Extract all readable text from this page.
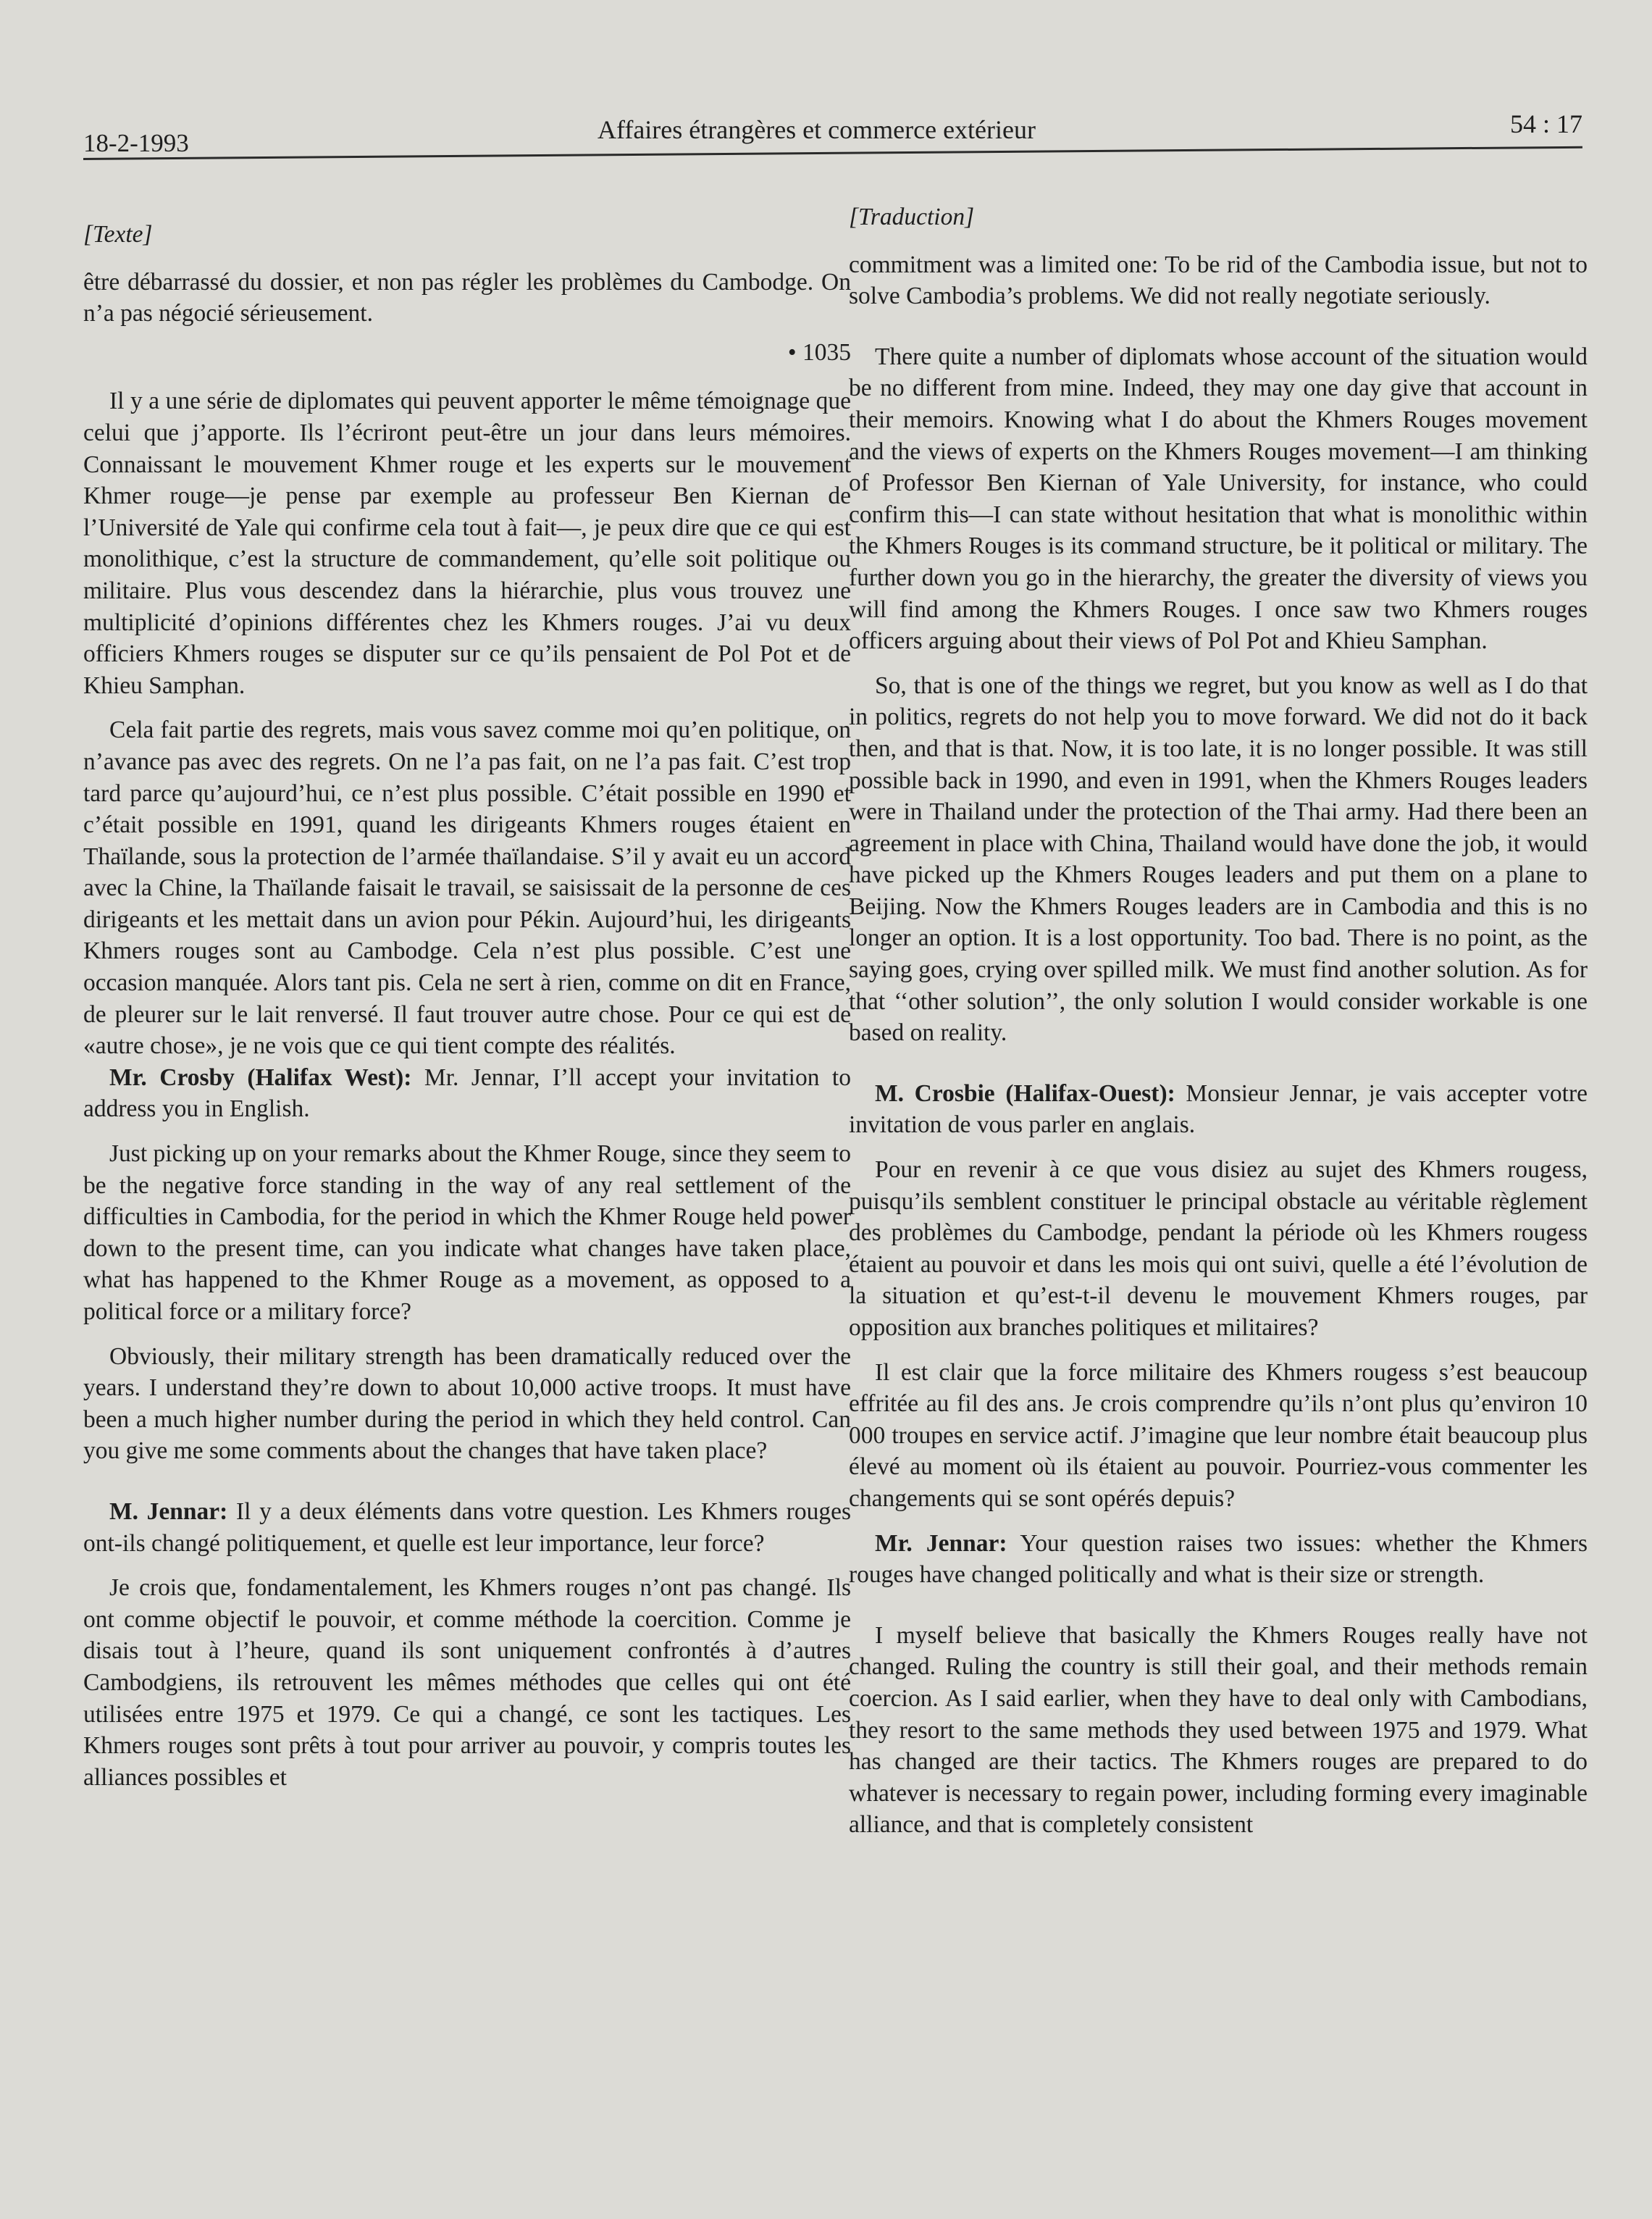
18-2-1993	Affaires étrangères et commerce extérieur	54 : 17

[Texte]

être débarrassé du dossier, et non pas régler les problèmes du Cambodge. On n’a pas négocié sérieusement.

• 1035

Il y a une série de diplomates qui peuvent apporter le même témoignage que celui que j’apporte. Ils l’écriront peut-être un jour dans leurs mémoires. Connaissant le mouvement Khmer rouge et les experts sur le mouvement Khmer rouge—je pense par exemple au professeur Ben Kiernan de l’Université de Yale qui confirme cela tout à fait—, je peux dire que ce qui est monolithique, c’est la structure de commandement, qu’elle soit politique ou militaire. Plus vous descendez dans la hiérarchie, plus vous trouvez une multiplicité d’opinions différentes chez les Khmers rouges. J’ai vu deux officiers Khmers rouges se disputer sur ce qu’ils pensaient de Pol Pot et de Khieu Samphan.

Cela fait partie des regrets, mais vous savez comme moi qu’en politique, on n’avance pas avec des regrets. On ne l’a pas fait, on ne l’a pas fait. C’est trop tard parce qu’aujourd’hui, ce n’est plus possible. C’était possible en 1990 et c’était possible en 1991, quand les dirigeants Khmers rouges étaient en Thaïlande, sous la protection de l’armée thaïlandaise. S’il y avait eu un accord avec la Chine, la Thaïlande faisait le travail, se saisissait de la personne de ces dirigeants et les mettait dans un avion pour Pékin. Aujourd’hui, les dirigeants Khmers rouges sont au Cambodge. Cela n’est plus possible. C’est une occasion manquée. Alors tant pis. Cela ne sert à rien, comme on dit en France, de pleurer sur le lait renversé. Il faut trouver autre chose. Pour ce qui est de «autre chose», je ne vois que ce qui tient compte des réalités.

Mr. Crosby (Halifax West): Mr. Jennar, I’ll accept your invitation to address you in English.

Just picking up on your remarks about the Khmer Rouge, since they seem to be the negative force standing in the way of any real settlement of the difficulties in Cambodia, for the period in which the Khmer Rouge held power down to the present time, can you indicate what changes have taken place, what has happened to the Khmer Rouge as a movement, as opposed to a political force or a military force?

Obviously, their military strength has been dramatically reduced over the years. I understand they’re down to about 10,000 active troops. It must have been a much higher number during the period in which they held control. Can you give me some comments about the changes that have taken place?

M. Jennar: Il y a deux éléments dans votre question. Les Khmers rouges ont-ils changé politiquement, et quelle est leur importance, leur force?

Je crois que, fondamentalement, les Khmers rouges n’ont pas changé. Ils ont comme objectif le pouvoir, et comme méthode la coercition. Comme je disais tout à l’heure, quand ils sont uniquement confrontés à d’autres Cambodgiens, ils retrouvent les mêmes méthodes que celles qui ont été utilisées entre 1975 et 1979. Ce qui a changé, ce sont les tactiques. Les Khmers rouges sont prêts à tout pour arriver au pouvoir, y compris toutes les alliances possibles et

[Traduction]

commitment was a limited one: To be rid of the Cambodia issue, but not to solve Cambodia’s problems. We did not really negotiate seriously.

There quite a number of diplomats whose account of the situation would be no different from mine. Indeed, they may one day give that account in their memoirs. Knowing what I do about the Khmers Rouges movement and the views of experts on the Khmers Rouges movement—I am thinking of Professor Ben Kiernan of Yale University, for instance, who could confirm this—I can state without hesitation that what is monolithic within the Khmers Rouges is its command structure, be it political or military. The further down you go in the hierarchy, the greater the diversity of views you will find among the Khmers Rouges. I once saw two Khmers rouges officers arguing about their views of Pol Pot and Khieu Samphan.

So, that is one of the things we regret, but you know as well as I do that in politics, regrets do not help you to move forward. We did not do it back then, and that is that. Now, it is too late, it is no longer possible. It was still possible back in 1990, and even in 1991, when the Khmers Rouges leaders were in Thailand under the protection of the Thai army. Had there been an agreement in place with China, Thailand would have done the job, it would have picked up the Khmers Rouges leaders and put them on a plane to Beijing. Now the Khmers Rouges leaders are in Cambodia and this is no longer an option. It is a lost opportunity. Too bad. There is no point, as the saying goes, crying over spilled milk. We must find another solution. As for that ‘‘other solution’’, the only solution I would consider workable is one based on reality.

M. Crosbie (Halifax-Ouest): Monsieur Jennar, je vais accepter votre invitation de vous parler en anglais.

Pour en revenir à ce que vous disiez au sujet des Khmers rougess, puisqu’ils semblent constituer le principal obstacle au véritable règlement des problèmes du Cambodge, pendant la période où les Khmers rougess étaient au pouvoir et dans les mois qui ont suivi, quelle a été l’évolution de la situation et qu’est-t-il devenu le mouvement Khmers rouges, par opposition aux branches politiques et militaires?

Il est clair que la force militaire des Khmers rougess s’est beaucoup effritée au fil des ans. Je crois comprendre qu’ils n’ont plus qu’environ 10 000 troupes en service actif. J’imagine que leur nombre était beaucoup plus élevé au moment où ils étaient au pouvoir. Pourriez-vous commenter les changements qui se sont opérés depuis?

Mr. Jennar: Your question raises two issues: whether the Khmers rouges have changed politically and what is their size or strength.

I myself believe that basically the Khmers Rouges really have not changed. Ruling the country is still their goal, and their methods remain coercion. As I said earlier, when they have to deal only with Cambodians, they resort to the same methods they used between 1975 and 1979. What has changed are their tactics. The Khmers rouges are prepared to do whatever is necessary to regain power, including forming every imaginable alliance, and that is completely consistent
